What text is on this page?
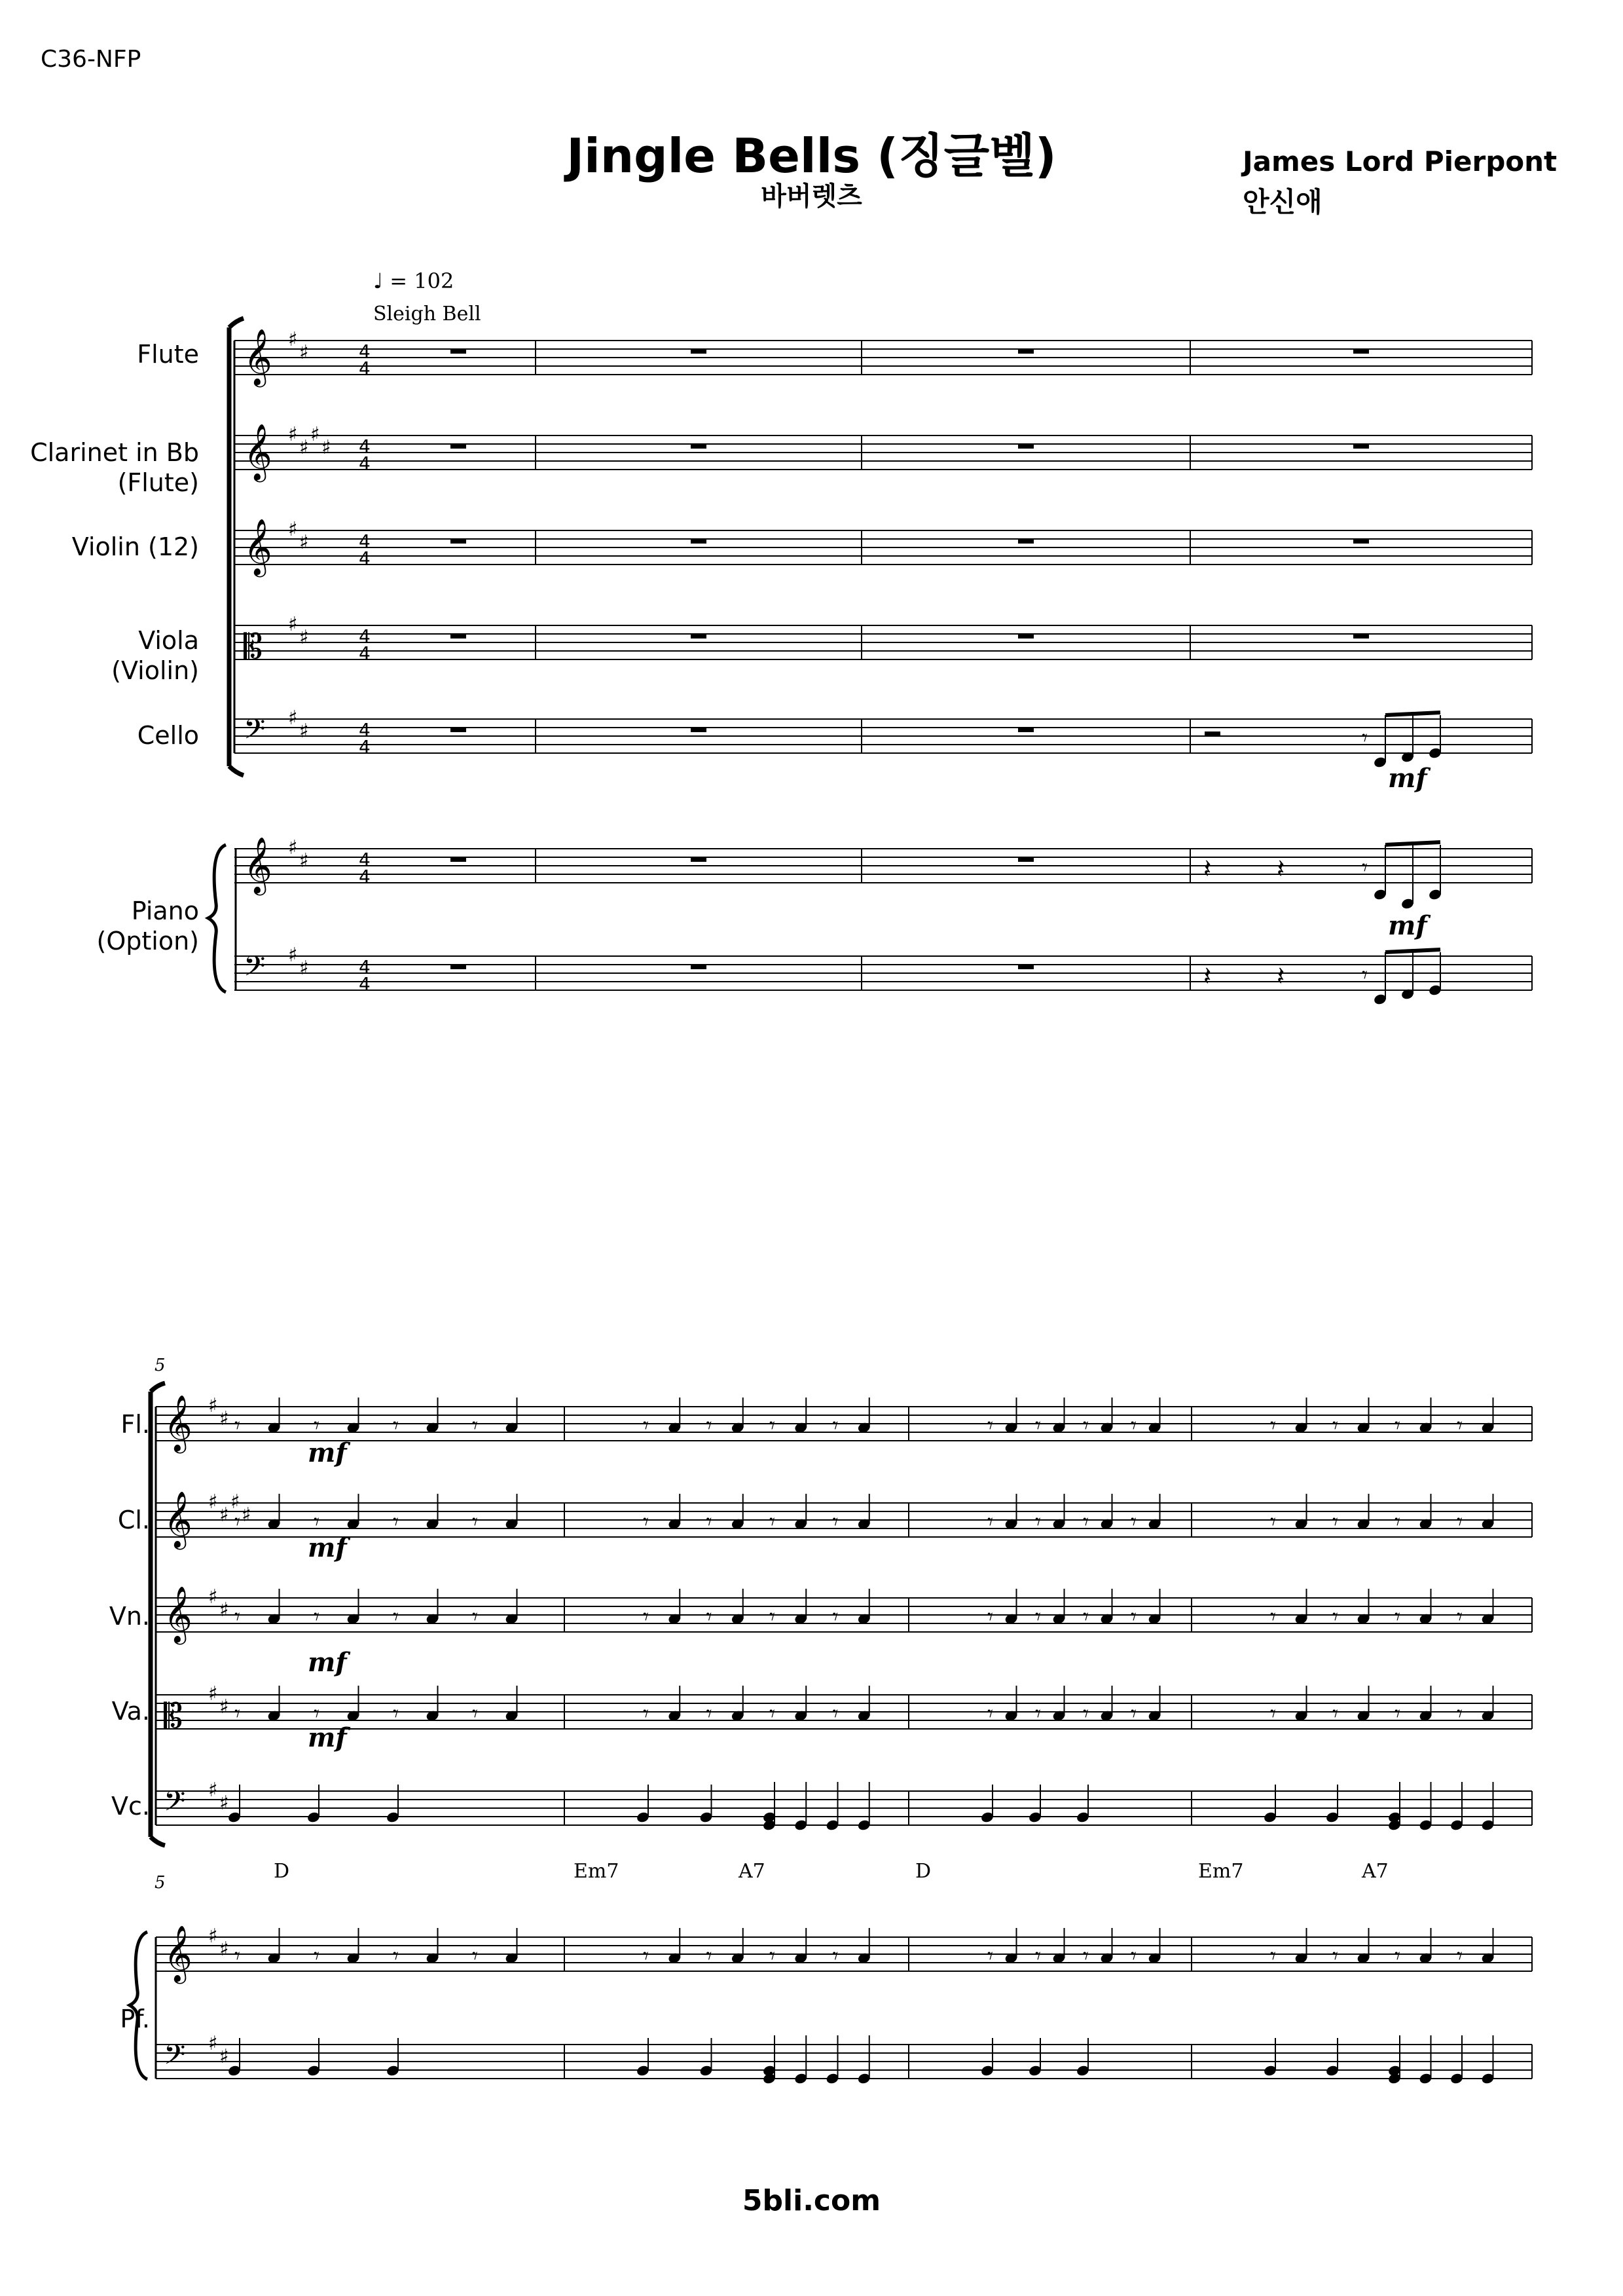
C36-NFP
Jingle Bells (징글벨)
바버렛츠
James Lord Pierpont
안신애
♩ = 102
Sleigh Bell
Flute
Clarinet in Bb
(Flute)
Violin (12)
Viola
(Violin)
Cello
Piano
(Option)
Fl.
Cl.
Vn.
Va.
Vc.
Pf.
5
5	D	Em7	A7	D	Em7	A7
mf
mf
mf
mf
mf
mf
5bli.com
𝄞 ♯
♯	4
4
𝄞 ♯
♯
♯
♯ 4
4
𝄞 ♯
♯	4
4
𝄡
♯
♯	4
4
𝄢 ♯
♯	4
4
𝄞 ♯
♯	4
4
𝄢 ♯
♯	4
4
𝄾
𝄽 𝄽	𝄾
𝄽 𝄽	𝄾
𝄞 ♯
♯ 𝄾	𝄾	𝄾	𝄾	𝄾	𝄾	𝄾	𝄾	𝄾 𝄾 𝄾 𝄾	𝄾	𝄾	𝄾	𝄾
𝄞 ♯
♯
♯
♯
𝄾	𝄾	𝄾	𝄾	𝄾	𝄾	𝄾	𝄾	𝄾 𝄾 𝄾 𝄾	𝄾	𝄾	𝄾	𝄾
𝄞 ♯
♯ 𝄾	𝄾	𝄾	𝄾	𝄾	𝄾	𝄾	𝄾	𝄾 𝄾 𝄾 𝄾	𝄾	𝄾	𝄾	𝄾
𝄡
♯
♯ 𝄾	𝄾	𝄾	𝄾	𝄾	𝄾	𝄾	𝄾	𝄾 𝄾 𝄾 𝄾	𝄾	𝄾	𝄾	𝄾
𝄢 ♯
♯
𝄞 ♯
♯ 𝄾	𝄾	𝄾	𝄾	𝄾	𝄾	𝄾	𝄾	𝄾 𝄾 𝄾 𝄾	𝄾	𝄾	𝄾	𝄾
𝄢 ♯
♯
